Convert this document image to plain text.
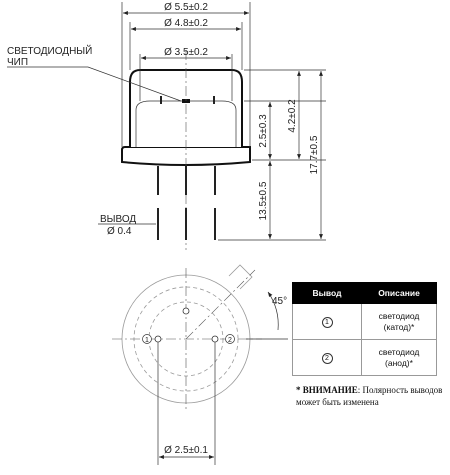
Ø 5.5±0.2
Ø 4.8±0.2
Ø 3.5±0.2
СВЕТОДИОДНЫЙ
ЧИП
ВЫВОД
Ø 0.4
2.5±0.3 4.2±0.2
17.7±0.5
13.5±0.5
1	2
45°
Ø 2.5±0.1
Вывод	Описание
1	светодиод
(катод)*
2	светодиод
(анод)*
* ВНИМАНИЕ: Полярность выводов может быть изменена
